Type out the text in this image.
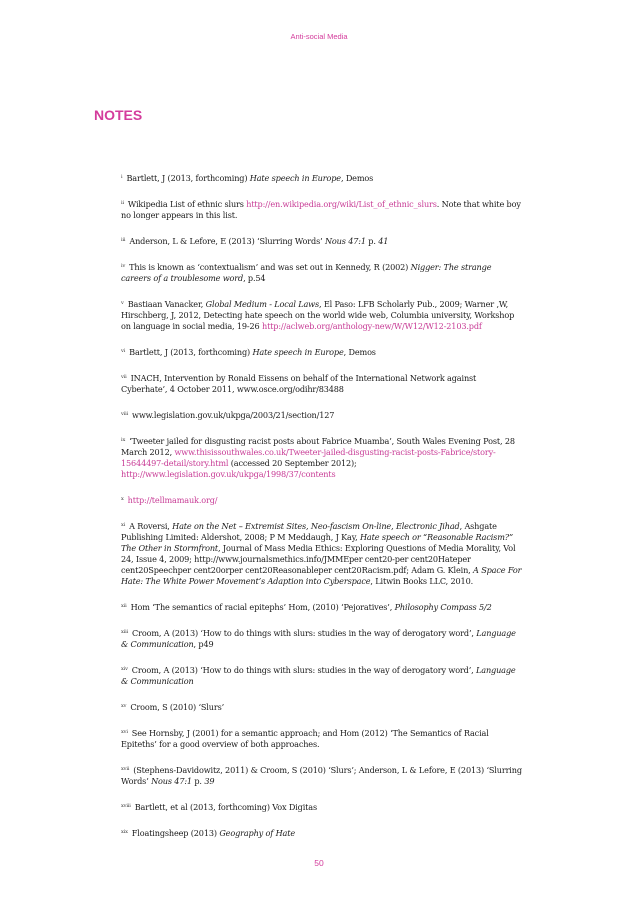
Anti-social Media
NOTES
$^i$ Bartlett, J (2013, forthcoming) Hate speech in Europe, Demos
$^{ii}$ Wikipedia List of ethnic slurs http://en.wikipedia.org/wiki/List_of_ethnic_slurs. Note that white boy no longer appears in this list.
$^{iii}$ Anderson, L & Lefore, E (2013) ‘Slurring Words’ Nous 47:1 p. 41
$^{iv}$ This is known as ‘contextualism’ and was set out in Kennedy, R (2002) Nigger: The strange careers of a troublesome word, p.54
$^v$ Bastiaan Vanacker, Global Medium - Local Laws, El Paso: LFB Scholarly Pub., 2009; Warner ,W, Hirschberg, J, 2012, Detecting hate speech on the world wide web, Columbia university, Workshop on language in social media, 19-26 http://aclweb.org/anthology-new/W/W12/W12-2103.pdf
$^{vi}$ Bartlett, J (2013, forthcoming) Hate speech in Europe, Demos
$^{vii}$ INACH, Intervention by Ronald Eissens on behalf of the International Network against Cyberhate’, 4 October 2011, www.osce.org/odihr/83488
$^{viii}$ www.legislation.gov.uk/ukpga/2003/21/section/127
$^{ix}$ ‘Tweeter jailed for disgusting racist posts about Fabrice Muamba’, South Wales Evening Post, 28 March 2012, www.thisissouthwales.co.uk/Tweeter-jailed-disgusting-racist-posts-Fabrice/story-15644497-detail/story.html (accessed 20 September 2012); http://www.legislation.gov.uk/ukpga/1998/37/contents
$^x$ http://tellmamauk.org/
$^{xi}$ A Roversi, Hate on the Net – Extremist Sites, Neo-fascism On-line, Electronic Jihad, Ashgate Publishing Limited: Aldershot, 2008; P M Meddaugh, J Kay, Hate speech or “Reasonable Racism?” The Other in Stormfront, Journal of Mass Media Ethics: Exploring Questions of Media Morality, Vol 24, Issue 4, 2009; http://www.journalsmethics.info/JMMEper cent20-per cent20Hateper cent20Speechper cent20orper cent20Reasonableper cent20Racism.pdf; Adam G. Klein, A Space For Hate: The White Power Movement’s Adaption into Cyberspace, Litwin Books LLC, 2010.
$^{xii}$ Hom ‘The semantics of racial epitephs’ Hom, (2010) ‘Pejoratives’, Philosophy Compass 5/2
$^{xiii}$ Croom, A (2013) ‘How to do things with slurs: studies in the way of derogatory word’, Language & Communication, p49
$^{xiv}$ Croom, A (2013) ‘How to do things with slurs: studies in the way of derogatory word’, Language & Communication
$^{xv}$ Croom, S (2010) ‘Slurs’
$^{xvi}$ See Hornsby, J (2001) for a semantic approach; and Hom (2012) ‘The Semantics of Racial Epiteths’ for a good overview of both approaches.
$^{xvii}$ (Stephens-Davidowitz, 2011) & Croom, S (2010) ‘Slurs’; Anderson, L & Lefore, E (2013) ‘Slurring Words’ Nous 47:1 p. 39
$^{xviii}$ Bartlett, et al (2013, forthcoming) Vox Digitas
$^{xix}$ Floatingsheep (2013) Geography of Hate
50
